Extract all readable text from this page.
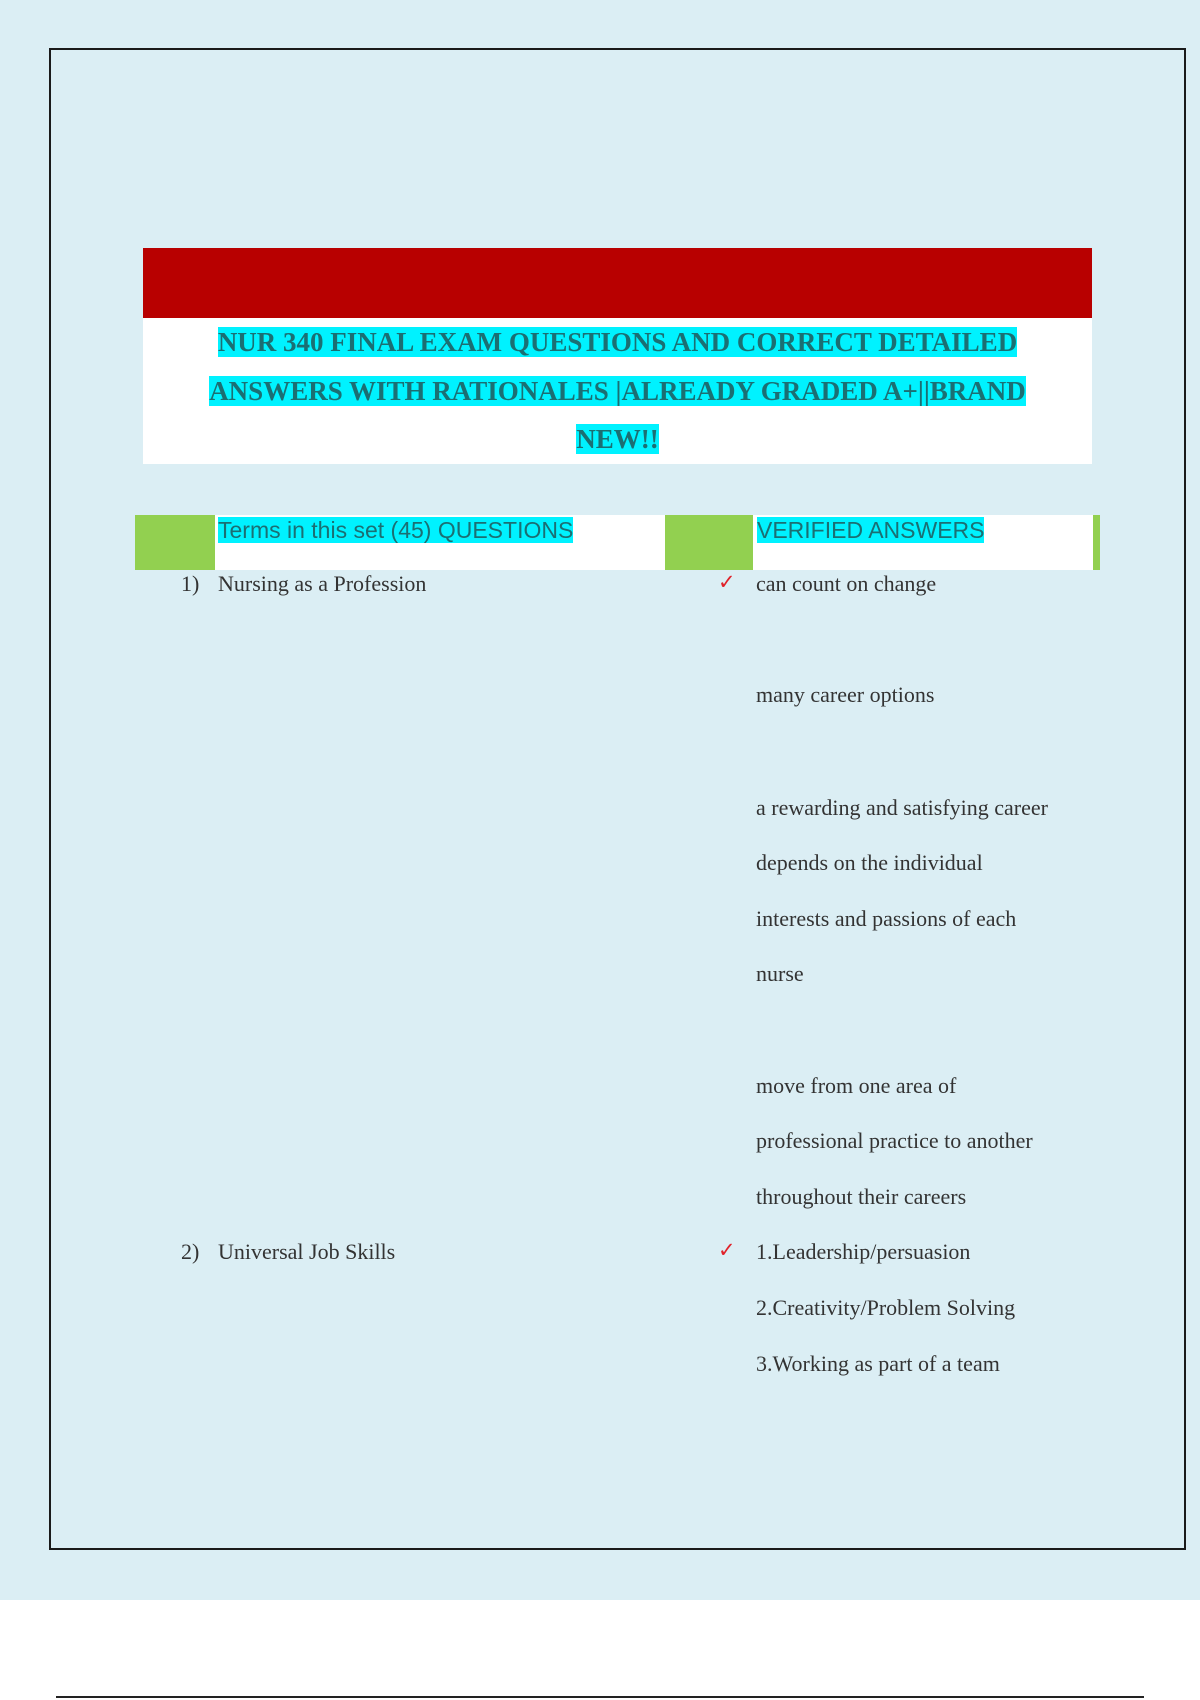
NUR 340 FINAL EXAM QUESTIONS AND CORRECT DETAILED
ANSWERS WITH RATIONALES |ALREADY GRADED A+||BRAND
NEW!!
Terms in this set (45) QUESTIONS	VERIFIED ANSWERS
1) Nursing as a Profession	✓ can count on change
many career options
a rewarding and satisfying career
depends on the individual
interests and passions of each
nurse
move from one area of
professional practice to another
throughout their careers
2) Universal Job Skills	✓ 1.Leadership/persuasion
2.Creativity/Problem Solving
3.Working as part of a team
